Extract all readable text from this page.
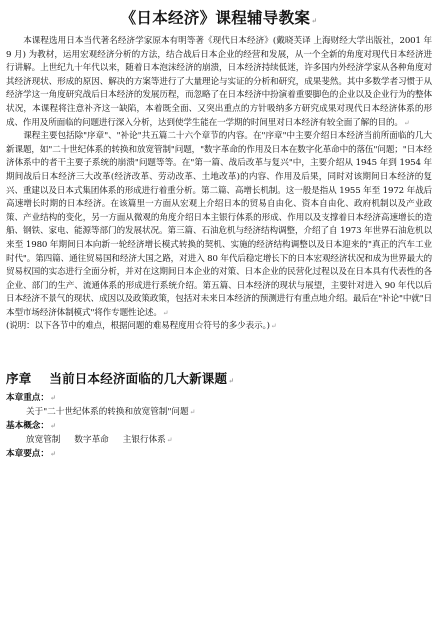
《日本经济》课程辅导教案↵

本课程选用日本当代著名经济学家原本有明等著《现代日本经济》(戴晓芙译 上海财经大学出版社，2001 年 9 月) 为教材，运用宏观经济分析的方法，结合战后日本企业的经营和发展，从一个全新的角度对现代日本经济进行讲解。上世纪九十年代以来，随着日本泡沫经济的崩溃，日本经济持续低迷，许多国内外经济学家从各种角度对其经济现状、形成的原因、解决的方案等进行了大量理论与实证的分析和研究，成果斐然。其中多数学者习惯于从经济学这一角度研究战后日本经济的发展历程，而忽略了在日本经济中扮演着重要脚色的企业以及企业行为的整体状况，本课程将注意补齐这一缺陷，本着既全面、又突出重点的方针吸纳多方研究成果对现代日本经济体系的形成、作用及所面临的问题进行深入分析，达到使学生能在一学期的时间里对日本经济有较全面了解的目的。↵

课程主要包括除"序章"、"补论"共五篇二十六个章节的内容。在"序章"中主要介绍日本经济当前所面临的几大新课题，如"二十世纪体系的转换和放宽管制"问题，"数字革命的作用及日本在数字化革命中的落伍"问题；"日本经济体系中的者干主要子系统的崩溃"问题等等。在"第一篇、战后改革与复兴"中，主要介绍从 1945 年到 1954 年期间战后日本经济三大改革(经济改革、劳动改革、土地改革)的内容、作用及后果，同时对该期间日本经济的复兴、重建以及日本式集团体系的形成进行着重分析。第二篇、高增长机制。这一般是指从 1955 年至 1972 年战后高速增长时期的日本经济。在该篇里一方面从宏观上介绍日本的贸易自由化、资本自由化、政府机制以及产业政策、产业结构的变化，另一方面从微观的角度介绍日本主银行体系的形成、作用以及支撑着日本经济高速增长的造船、钢铁、家电、能源等部门的发展状况。第三篇、石油危机与经济结构调整，介绍了自 1973 年世界石油危机以来至 1980 年期间日本向新一轮经济增长模式转换的契机、实施的经济结构调整以及日本迎来的"真正的汽车工业时代"。第四篇、通往贸易国和经济大国之路，对进入 80 年代后稳定增长下的日本宏观经济状况和成为世界最大的贸易权国的实态进行全面分析，并对在这期间日本企业的对策、日本企业的民营化过程以及在日本具有代表性的各企业、部门的生产、流通体系的形成进行系统介绍。第五篇、日本经济的现状与展望，主要针对进入 90 年代以后日本经济不景气的现状、成因以及政策政策，包括对未来日本经济的预测进行有重点地介绍。最后在"补论"中就"日本型市场经济体制模式"将作专题性论述。↵

(说明：以下各节中的难点，根据问题的难易程度用☆符号的多少表示。)↵

序章 当前日本经济面临的几大新课题↵

本章重点：↵

关于"二十世纪体系的转换和放宽管制"问题↵

基本概念：↵

放宽管制 数字革命 主银行体系↵

本章要点：↵
